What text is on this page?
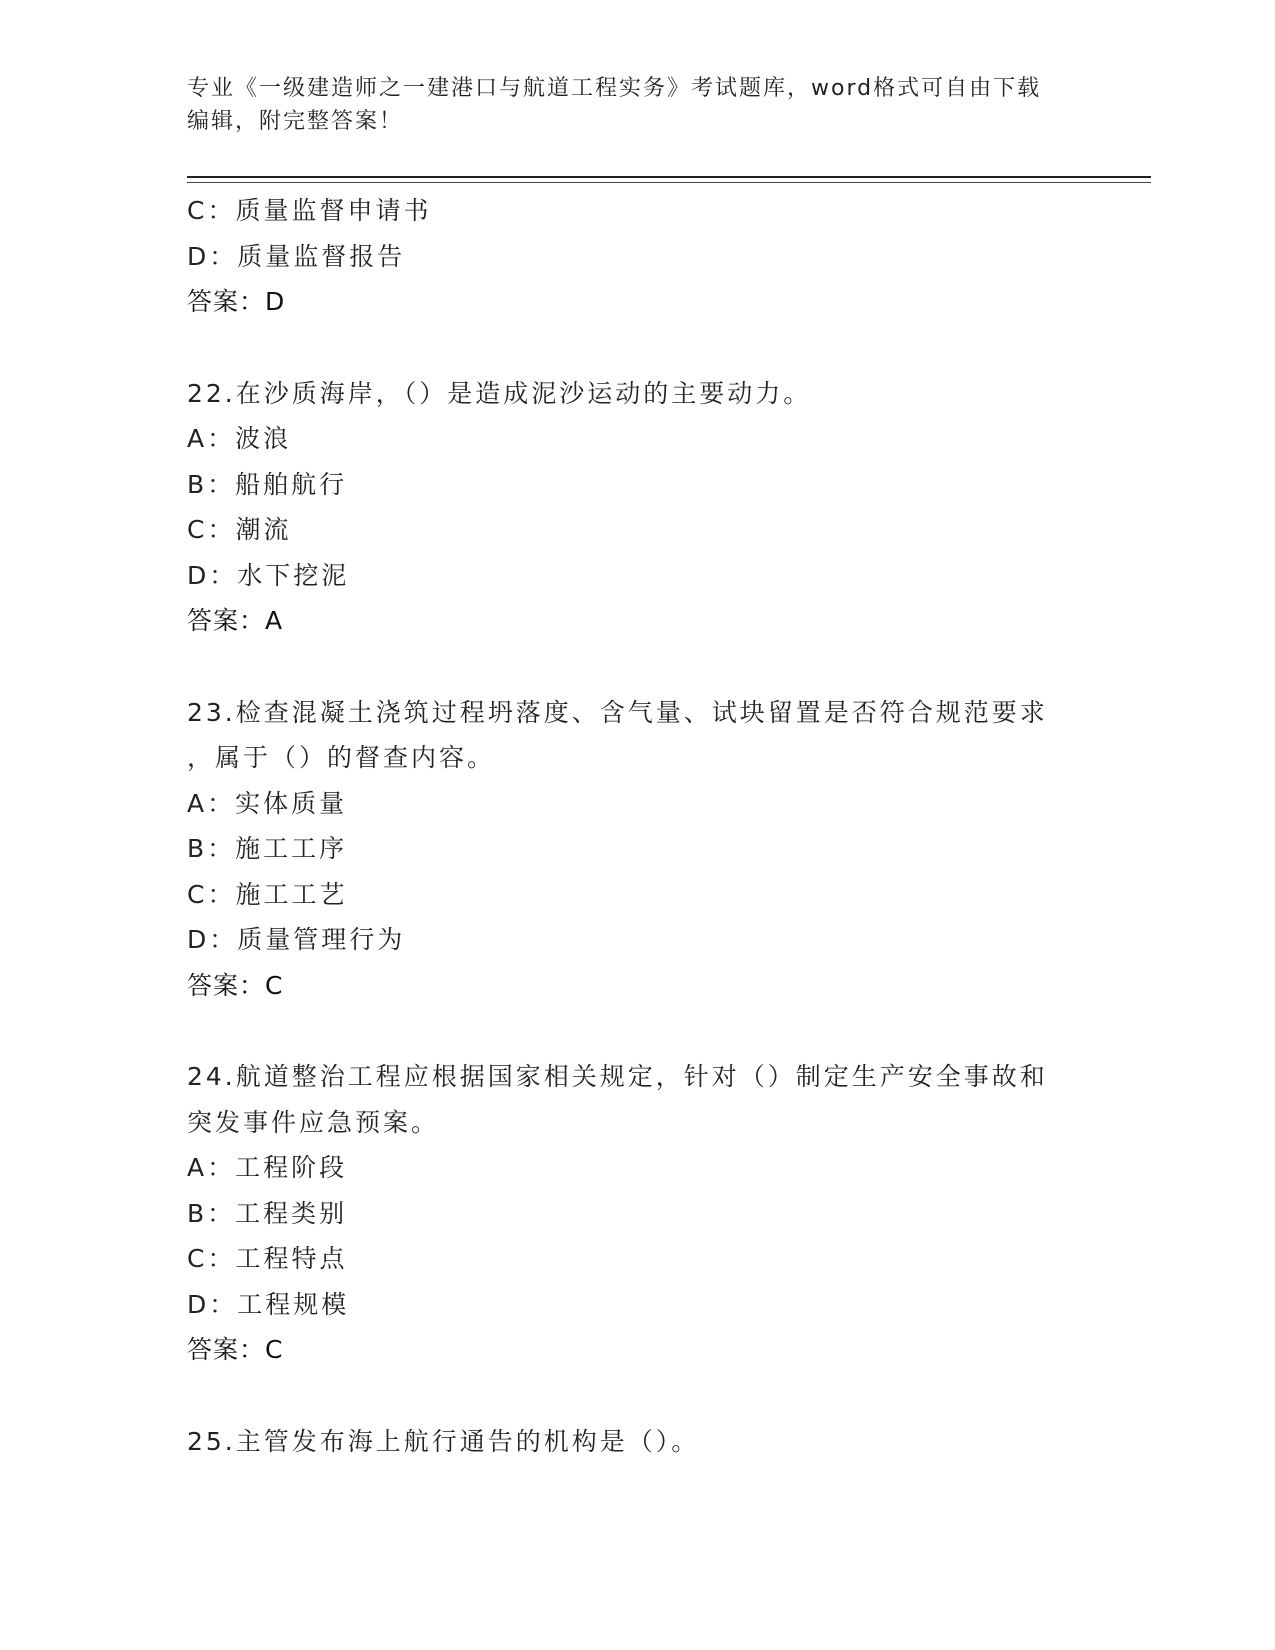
专业《一级建造师之一建港口与航道工程实务》考试题库，word格式可自由下载
编辑，附完整答案！
C：质量监督申请书
D：质量监督报告
答案：D
22.在沙质海岸，（）是造成泥沙运动的主要动力。
A：波浪
B：船舶航行
C：潮流
D：水下挖泥
答案：A
23.检查混凝土浇筑过程坍落度、含气量、试块留置是否符合规范要求
，属于（）的督查内容。
A：实体质量
B：施工工序
C：施工工艺
D：质量管理行为
答案：C
24.航道整治工程应根据国家相关规定，针对（）制定生产安全事故和
突发事件应急预案。
A：工程阶段
B：工程类别
C：工程特点
D：工程规模
答案：C
25.主管发布海上航行通告的机构是（）。
